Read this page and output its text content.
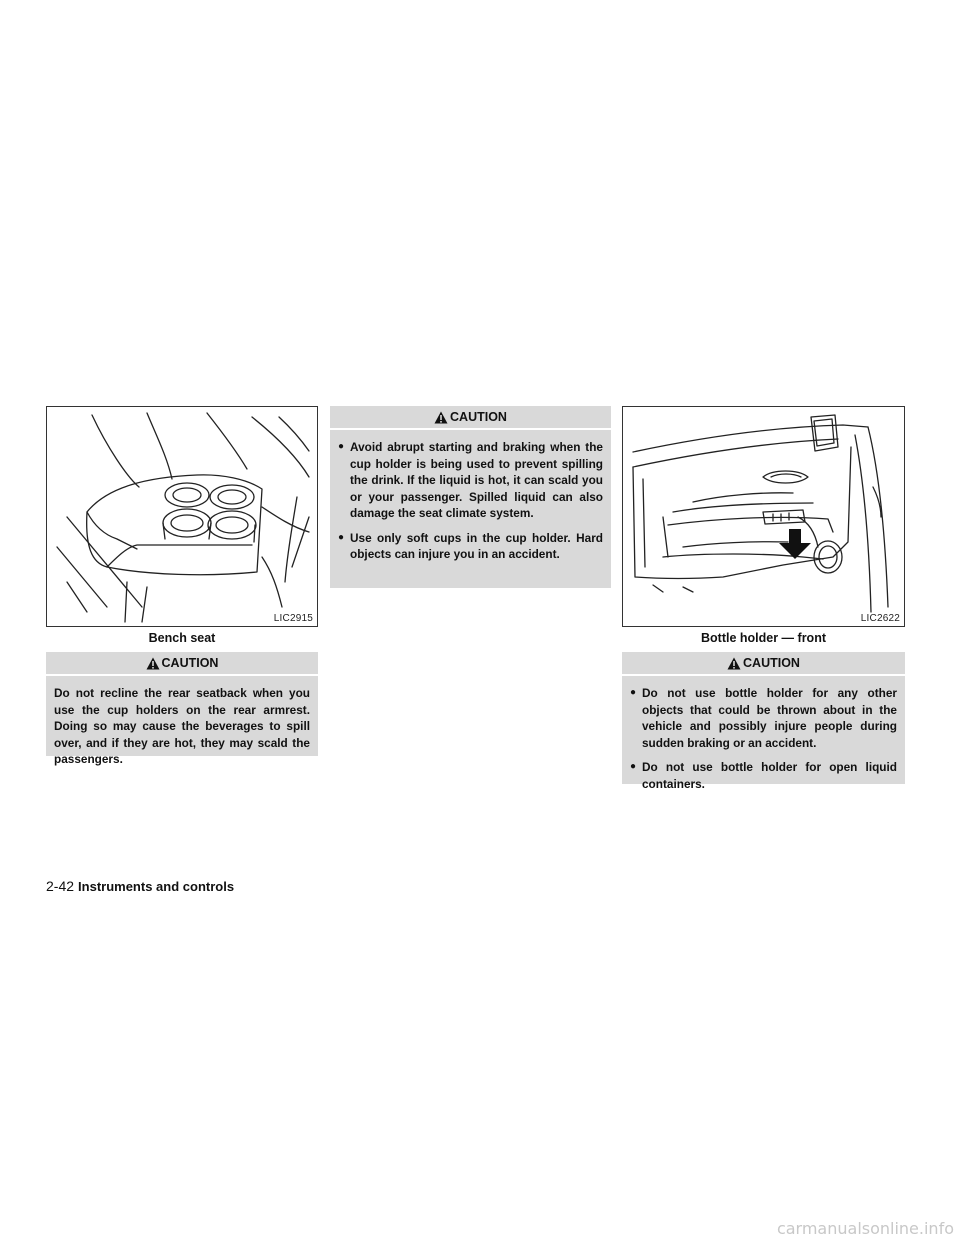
LIC2915
Bench seat
CAUTION
Do not recline the rear seatback when you use the cup holders on the rear armrest. Doing so may cause the beverages to spill over, and if they are hot, they may scald the passengers.
CAUTION
● Avoid abrupt starting and braking when the cup holder is being used to prevent spilling the drink. If the liquid is hot, it can scald you or your passenger. Spilled liquid can also damage the seat climate system.
● Use only soft cups in the cup holder. Hard objects can injure you in an accident.
LIC2622
Bottle holder — front
CAUTION
● Do not use bottle holder for any other objects that could be thrown about in the vehicle and possibly injure people during sudden braking or an accident.
● Do not use bottle holder for open liquid containers.
2-42 Instruments and controls
carmanualsonline.info
